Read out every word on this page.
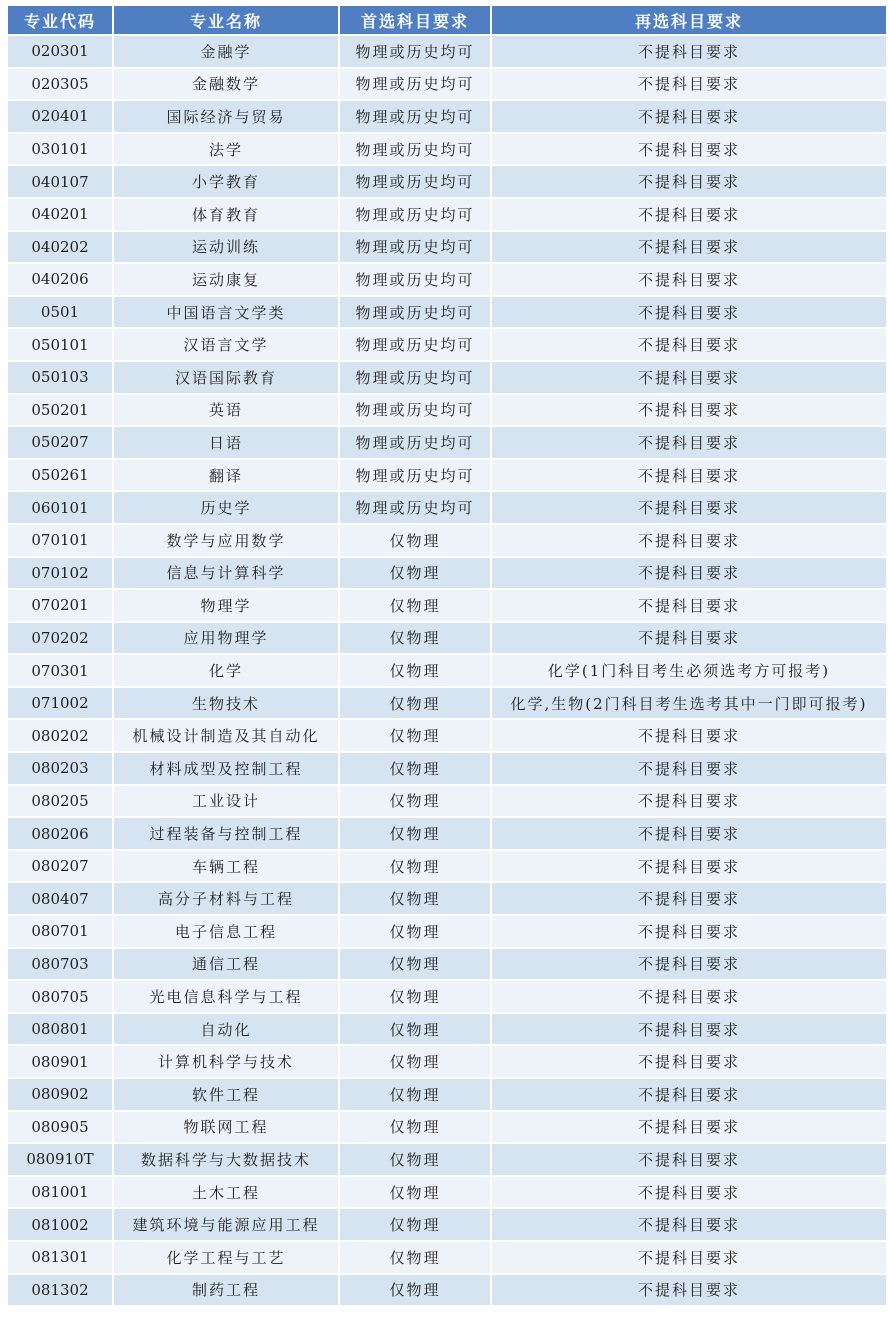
专业代码	专业名称	首选科目要求	再选科目要求
020301	金融学	物理或历史均可	不提科目要求
020305	金融数学	物理或历史均可	不提科目要求
020401	国际经济与贸易	物理或历史均可	不提科目要求
030101	法学	物理或历史均可	不提科目要求
040107	小学教育	物理或历史均可	不提科目要求
040201	体育教育	物理或历史均可	不提科目要求
040202	运动训练	物理或历史均可	不提科目要求
040206	运动康复	物理或历史均可	不提科目要求
0501	中国语言文学类	物理或历史均可	不提科目要求
050101	汉语言文学	物理或历史均可	不提科目要求
050103	汉语国际教育	物理或历史均可	不提科目要求
050201	英语	物理或历史均可	不提科目要求
050207	日语	物理或历史均可	不提科目要求
050261	翻译	物理或历史均可	不提科目要求
060101	历史学	物理或历史均可	不提科目要求
070101	数学与应用数学	仅物理	不提科目要求
070102	信息与计算科学	仅物理	不提科目要求
070201	物理学	仅物理	不提科目要求
070202	应用物理学	仅物理	不提科目要求
070301	化学	仅物理	化学(1门科目考生必须选考方可报考)
071002	生物技术	仅物理	化学,生物(2门科目考生选考其中一门即可报考)
080202	机械设计制造及其自动化	仅物理	不提科目要求
080203	材料成型及控制工程	仅物理	不提科目要求
080205	工业设计	仅物理	不提科目要求
080206	过程装备与控制工程	仅物理	不提科目要求
080207	车辆工程	仅物理	不提科目要求
080407	高分子材料与工程	仅物理	不提科目要求
080701	电子信息工程	仅物理	不提科目要求
080703	通信工程	仅物理	不提科目要求
080705	光电信息科学与工程	仅物理	不提科目要求
080801	自动化	仅物理	不提科目要求
080901	计算机科学与技术	仅物理	不提科目要求
080902	软件工程	仅物理	不提科目要求
080905	物联网工程	仅物理	不提科目要求
080910T	数据科学与大数据技术	仅物理	不提科目要求
081001	土木工程	仅物理	不提科目要求
081002	建筑环境与能源应用工程	仅物理	不提科目要求
081301	化学工程与工艺	仅物理	不提科目要求
081302	制药工程	仅物理	不提科目要求
